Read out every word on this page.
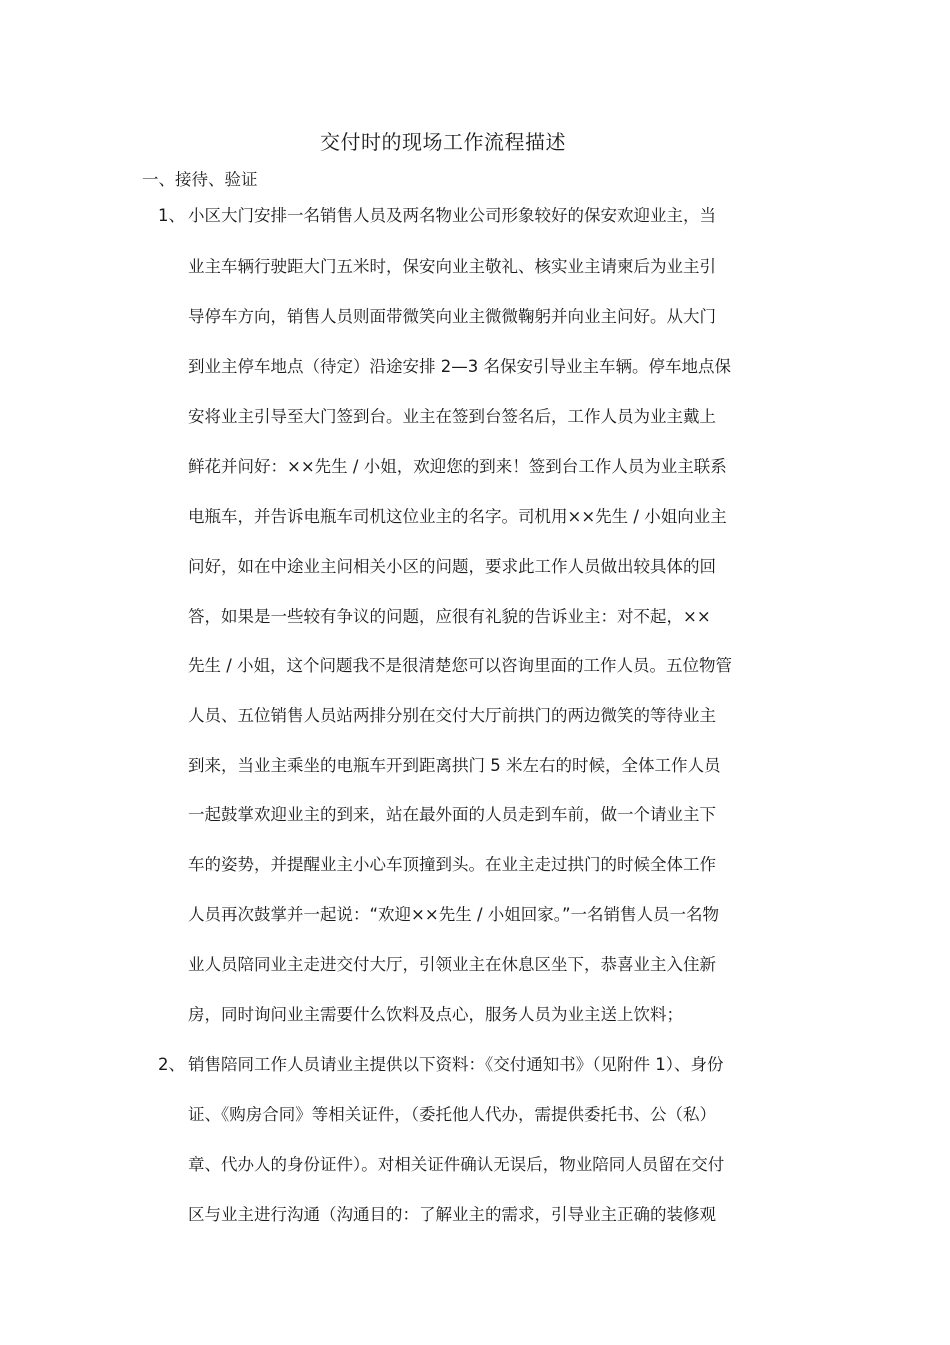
交付时的现场工作流程描述
一、接待、验证
1、 小区大门安排一名销售人员及两名物业公司形象较好的保安欢迎业主，当
业主车辆行驶距大门五米时，保安向业主敬礼、核实业主请柬后为业主引
导停车方向，销售人员则面带微笑向业主微微鞠躬并向业主问好。从大门
到业主停车地点（待定）沿途安排 2—3 名保安引导业主车辆。停车地点保
安将业主引导至大门签到台。业主在签到台签名后，工作人员为业主戴上
鲜花并问好：××先生 / 小姐，欢迎您的到来！签到台工作人员为业主联系
电瓶车，并告诉电瓶车司机这位业主的名字。司机用××先生 / 小姐向业主
问好，如在中途业主问相关小区的问题，要求此工作人员做出较具体的回
答，如果是一些较有争议的问题，应很有礼貌的告诉业主：对不起，××
先生 / 小姐，这个问题我不是很清楚您可以咨询里面的工作人员。五位物管
人员、五位销售人员站两排分别在交付大厅前拱门的两边微笑的等待业主
到来，当业主乘坐的电瓶车开到距离拱门 5 米左右的时候，全体工作人员
一起鼓掌欢迎业主的到来，站在最外面的人员走到车前，做一个请业主下
车的姿势，并提醒业主小心车顶撞到头。在业主走过拱门的时候全体工作
人员再次鼓掌并一起说：“欢迎××先生 / 小姐回家。”一名销售人员一名物
业人员陪同业主走进交付大厅，引领业主在休息区坐下，恭喜业主入住新
房，同时询问业主需要什么饮料及点心，服务人员为业主送上饮料；
2、 销售陪同工作人员请业主提供以下资料：《交付通知书》（见附件 1）、身份
证、《购房合同》等相关证件，（委托他人代办，需提供委托书、公（私）
章、代办人的身份证件）。对相关证件确认无误后，物业陪同人员留在交付
区与业主进行沟通（沟通目的：了解业主的需求，引导业主正确的装修观
